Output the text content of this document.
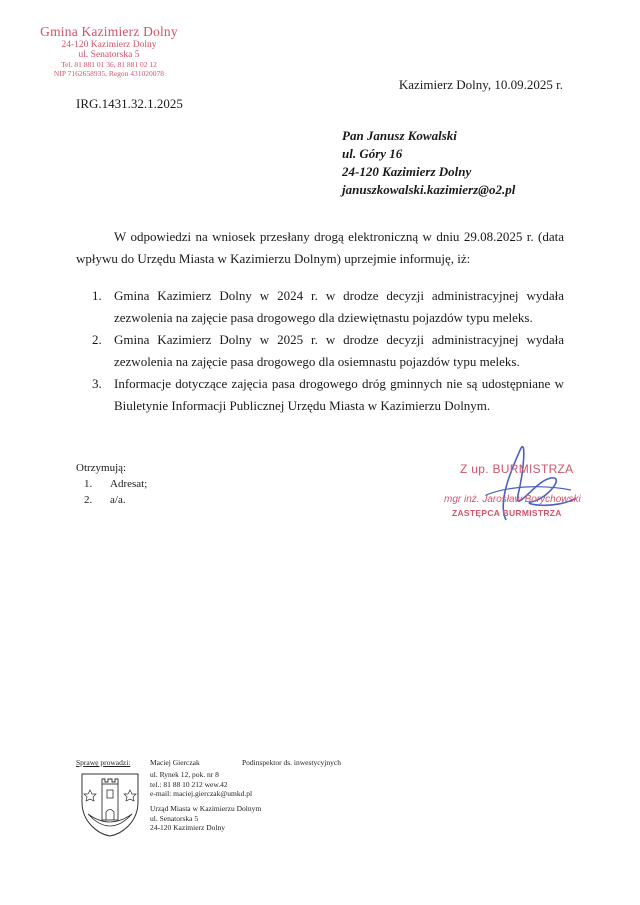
Gmina Kazimierz Dolny
24-120 Kazimierz Dolny
ul. Senatorska 5
Tel. 81 881 01 36, 81 881 02 12
NIP 7162658935, Regon 431020078
Kazimierz Dolny, 10.09.2025 r.
IRG.1431.32.1.2025
Pan Janusz Kowalski
ul. Góry 16
24-120 Kazimierz Dolny
januszkowalski.kazimierz@o2.pl

W odpowiedzi na wniosek przesłany drogą elektroniczną w dniu 29.08.2025 r. (data wpływu do Urzędu Miasta w Kazimierzu Dolnym) uprzejmie informuję, iż:

1. Gmina Kazimierz Dolny w 2024 r. w drodze decyzji administracyjnej wydała zezwolenia na zajęcie pasa drogowego dla dziewiętnastu pojazdów typu meleks.
2. Gmina Kazimierz Dolny w 2025 r. w drodze decyzji administracyjnej wydała zezwolenia na zajęcie pasa drogowego dla osiemnastu pojazdów typu meleks.
3. Informacje dotyczące zajęcia pasa drogowego dróg gminnych nie są udostępniane w Biuletynie Informacji Publicznej Urzędu Miasta w Kazimierzu Dolnym.
Otrzymują:
1.	Adresat;
2.	a/a.
Z up. BURMISTRZA
mgr inż. Jarosław Borychowski
ZASTĘPCA BURMISTRZA
Sprawę prowadzi:	Maciej Gierczak	Podinspektor ds. inwestycyjnych
ul. Rynek 12, pok. nr 8
tel.: 81 88 10 212 wew.42
e-mail: maciej.gierczak@umkd.pl
Urząd Miasta w Kazimierzu Dolnym
ul. Senatorska 5
24-120 Kazimierz Dolny
